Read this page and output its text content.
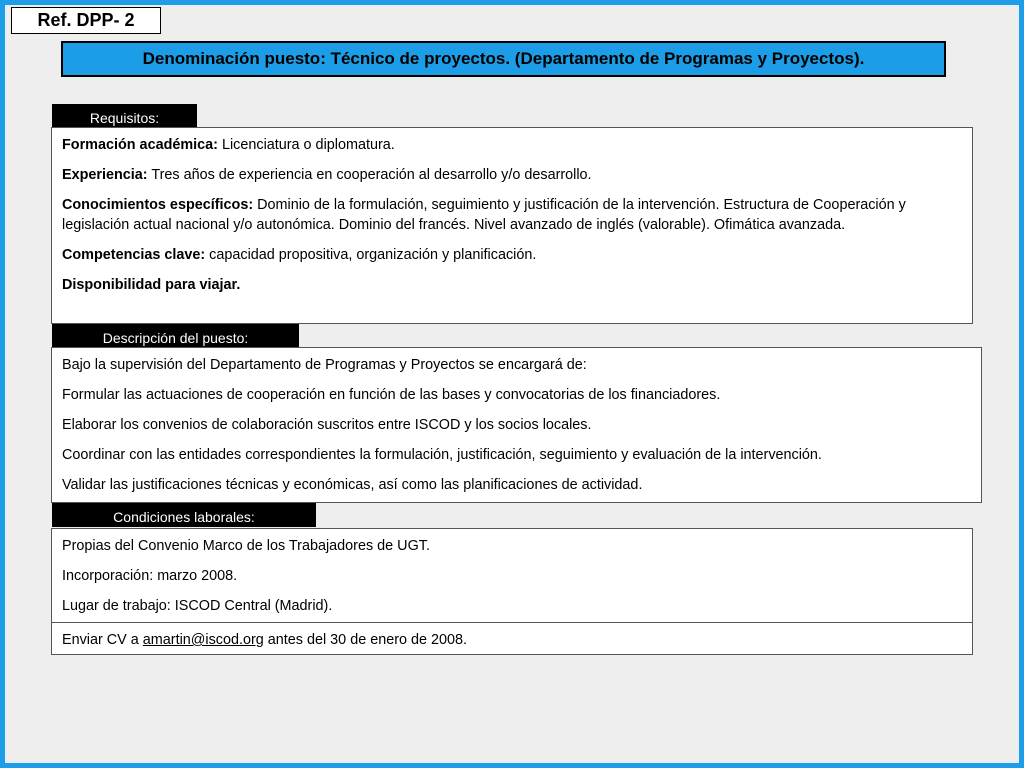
Ref. DPP- 2
Denominación puesto: Técnico de proyectos. (Departamento de Programas y Proyectos).
Requisitos:

Formación académica: Licenciatura o diplomatura.

Experiencia: Tres años de experiencia en cooperación al desarrollo y/o desarrollo.

Conocimientos específicos: Dominio de la formulación, seguimiento y justificación de la intervención. Estructura de Cooperación y legislación actual nacional y/o autonómica. Dominio del francés. Nivel avanzado de inglés (valorable). Ofimática avanzada.

Competencias clave: capacidad propositiva, organización y planificación.

Disponibilidad para viajar.

Descripción del puesto:

Bajo la supervisión del Departamento de Programas y Proyectos se encargará de:

Formular las actuaciones de cooperación en función de las bases y convocatorias de los financiadores.

Elaborar los convenios de colaboración suscritos entre ISCOD y los socios locales.

Coordinar con las entidades correspondientes la formulación, justificación, seguimiento y evaluación de la intervención.

Validar las justificaciones técnicas y económicas, así como las planificaciones de actividad.

Condiciones laborales:

Propias del Convenio Marco de los Trabajadores de UGT.

Incorporación: marzo 2008.

Lugar de trabajo: ISCOD Central (Madrid).

Enviar CV a amartin@iscod.org antes del 30 de enero de 2008.
